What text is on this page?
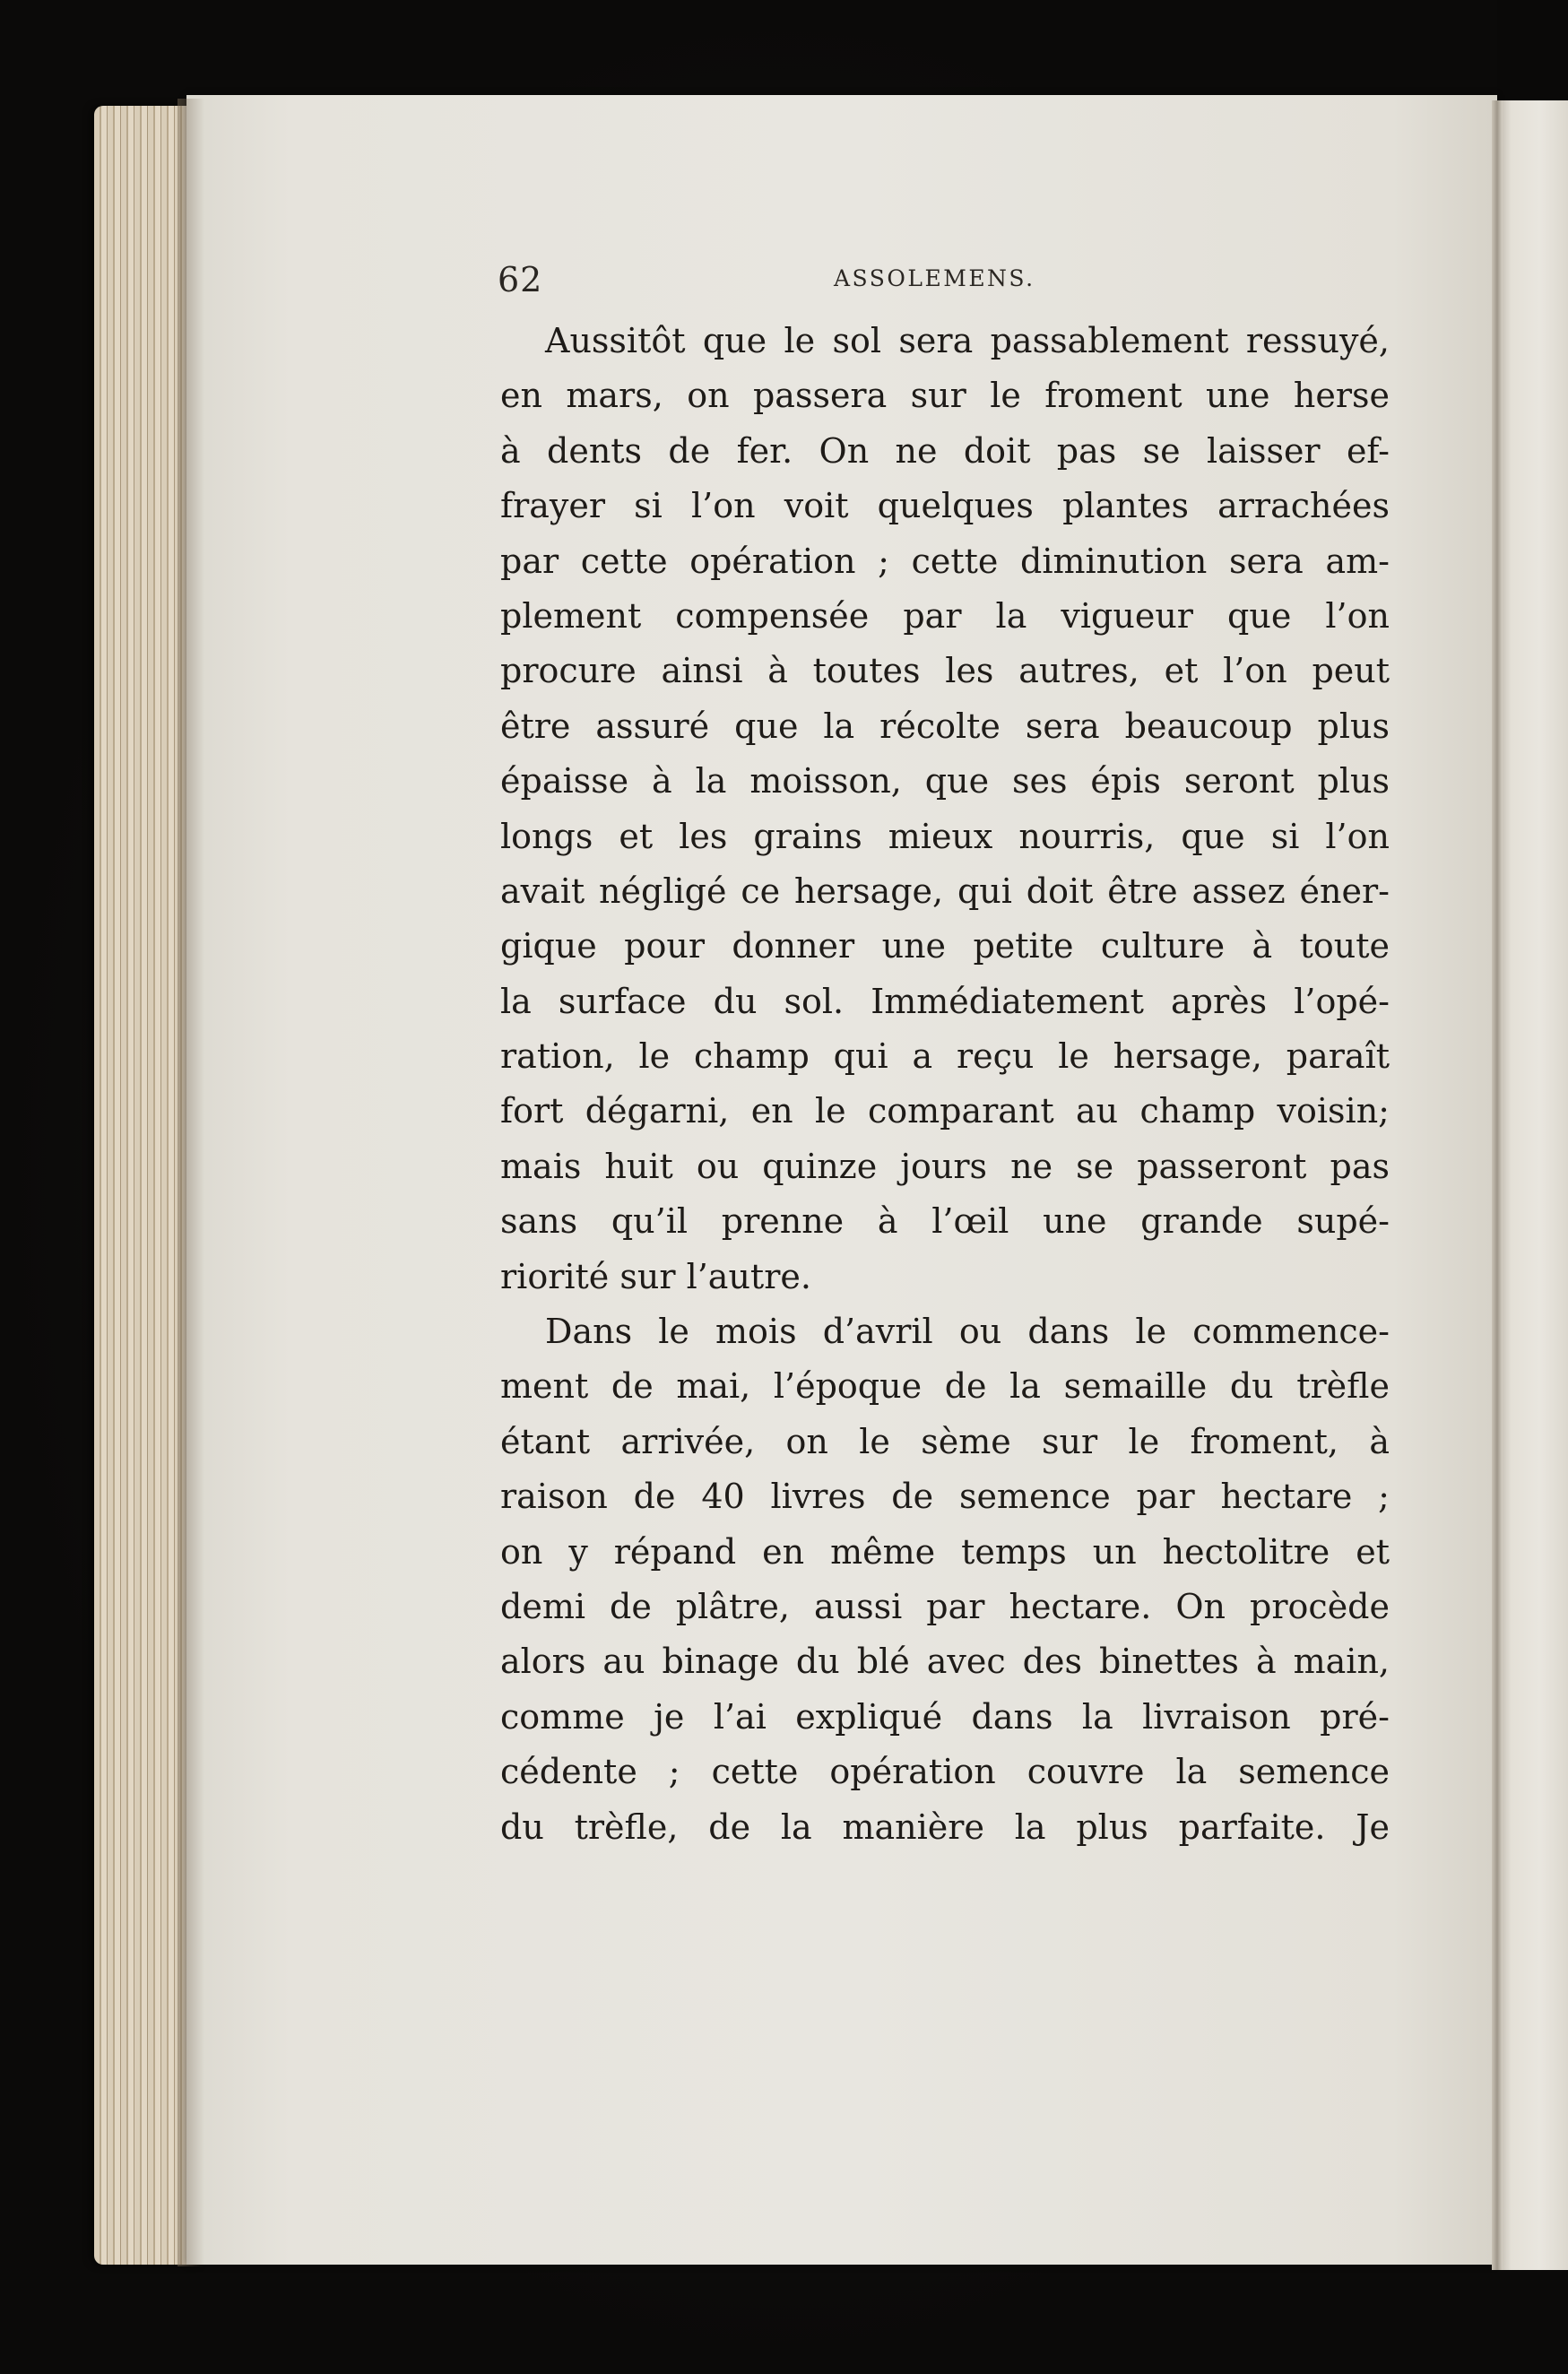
62	ASSOLEMENS.
Aussitôt que le sol sera passablement ressuyé,
en mars, on passera sur le froment une herse
à dents de fer. On ne doit pas se laisser ef-
frayer si l’on voit quelques plantes arrachées
par cette opération ; cette diminution sera am-
plement compensée par la vigueur que l’on
procure ainsi à toutes les autres, et l’on peut
être assuré que la récolte sera beaucoup plus
épaisse à la moisson, que ses épis seront plus
longs et les grains mieux nourris, que si l’on
avait négligé ce hersage, qui doit être assez éner-
gique pour donner une petite culture à toute
la surface du sol. Immédiatement après l’opé-
ration, le champ qui a reçu le hersage, paraît
fort dégarni, en le comparant au champ voisin;
mais huit ou quinze jours ne se passeront pas
sans qu’il prenne à l’œil une grande supé-
riorité sur l’autre.
Dans le mois d’avril ou dans le commence-
ment de mai, l’époque de la semaille du trèfle
étant arrivée, on le sème sur le froment, à
raison de 40 livres de semence par hectare ;
on y répand en même temps un hectolitre et
demi de plâtre, aussi par hectare. On procède
alors au binage du blé avec des binettes à main,
comme je l’ai expliqué dans la livraison pré-
cédente ; cette opération couvre la semence
du trèfle, de la manière la plus parfaite. Je
